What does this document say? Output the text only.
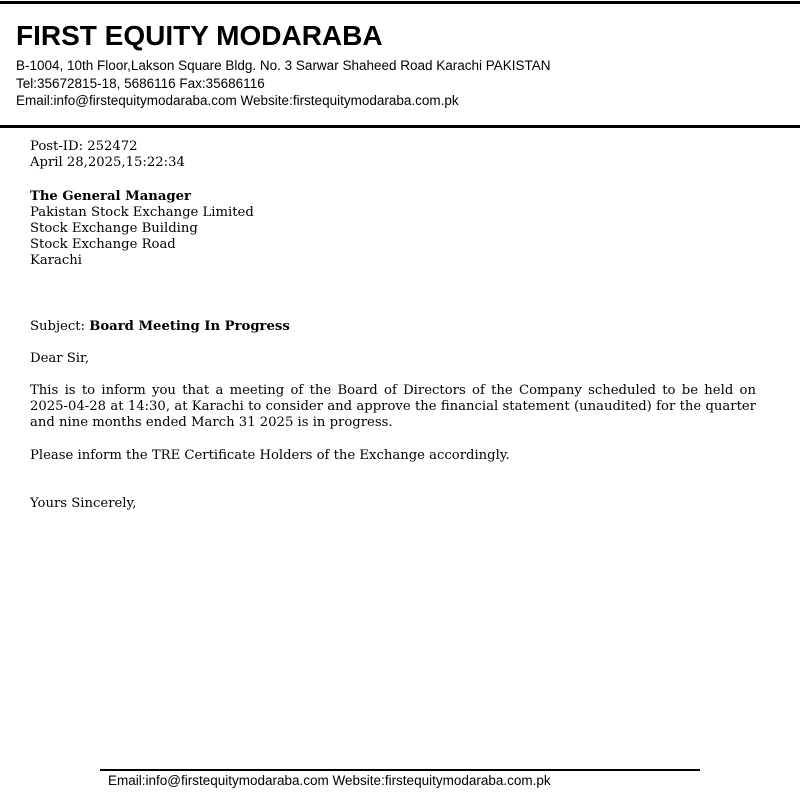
FIRST EQUITY MODARABA
B-1004, 10th Floor,Lakson Square Bldg. No. 3 Sarwar Shaheed Road Karachi PAKISTAN
Tel:35672815-18, 5686116 Fax:35686116
Email:info@firstequitymodaraba.com Website:firstequitymodaraba.com.pk
Post-ID: 252472
April 28,2025,15:22:34
The General Manager
Pakistan Stock Exchange Limited
Stock Exchange Building
Stock Exchange Road
Karachi
Subject: Board Meeting In Progress

Dear Sir,

This is to inform you that a meeting of the Board of Directors of the Company scheduled to be held on 2025-04-28 at 14:30, at Karachi to consider and approve the financial statement (unaudited) for the quarter and nine months ended March 31 2025 is in progress.

Please inform the TRE Certificate Holders of the Exchange accordingly.

Yours Sincerely,

Email:info@firstequitymodaraba.com Website:firstequitymodaraba.com.pk
